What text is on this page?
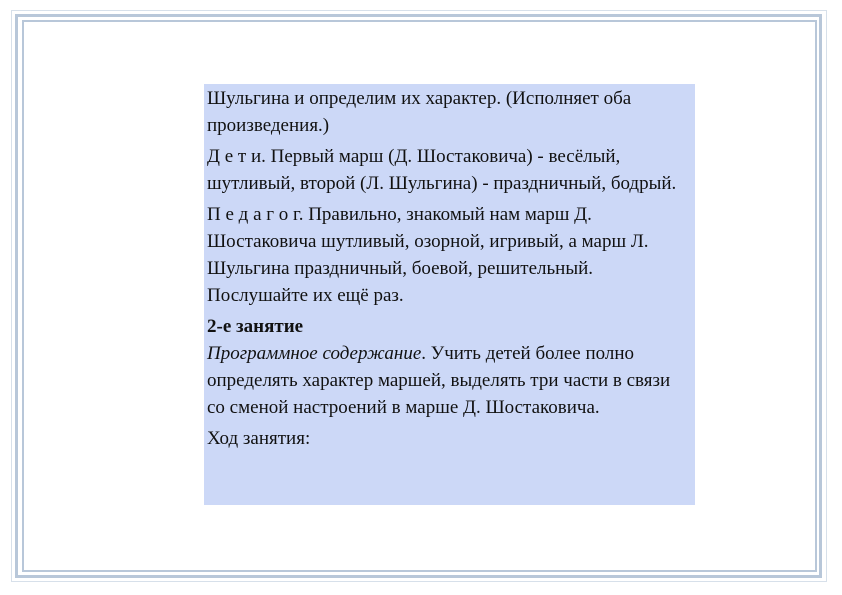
Шульгина и определим их характер. (Исполняет оба произведения.)

Д е т и. Первый марш (Д. Шостаковича) - весёлый, шутливый, второй (Л. Шульгина) - праздничный, бодрый.

П е д а г о г. Правильно, знакомый нам марш Д. Шостаковича шутливый, озорной, игривый, а марш Л. Шульгина праздничный, боевой, решительный. Послушайте их ещё раз.

2-е занятие

Программное содержание. Учить детей более полно определять характер маршей, выделять три части в связи со сменой настроений в марше Д. Шостаковича.

Ход занятия:
